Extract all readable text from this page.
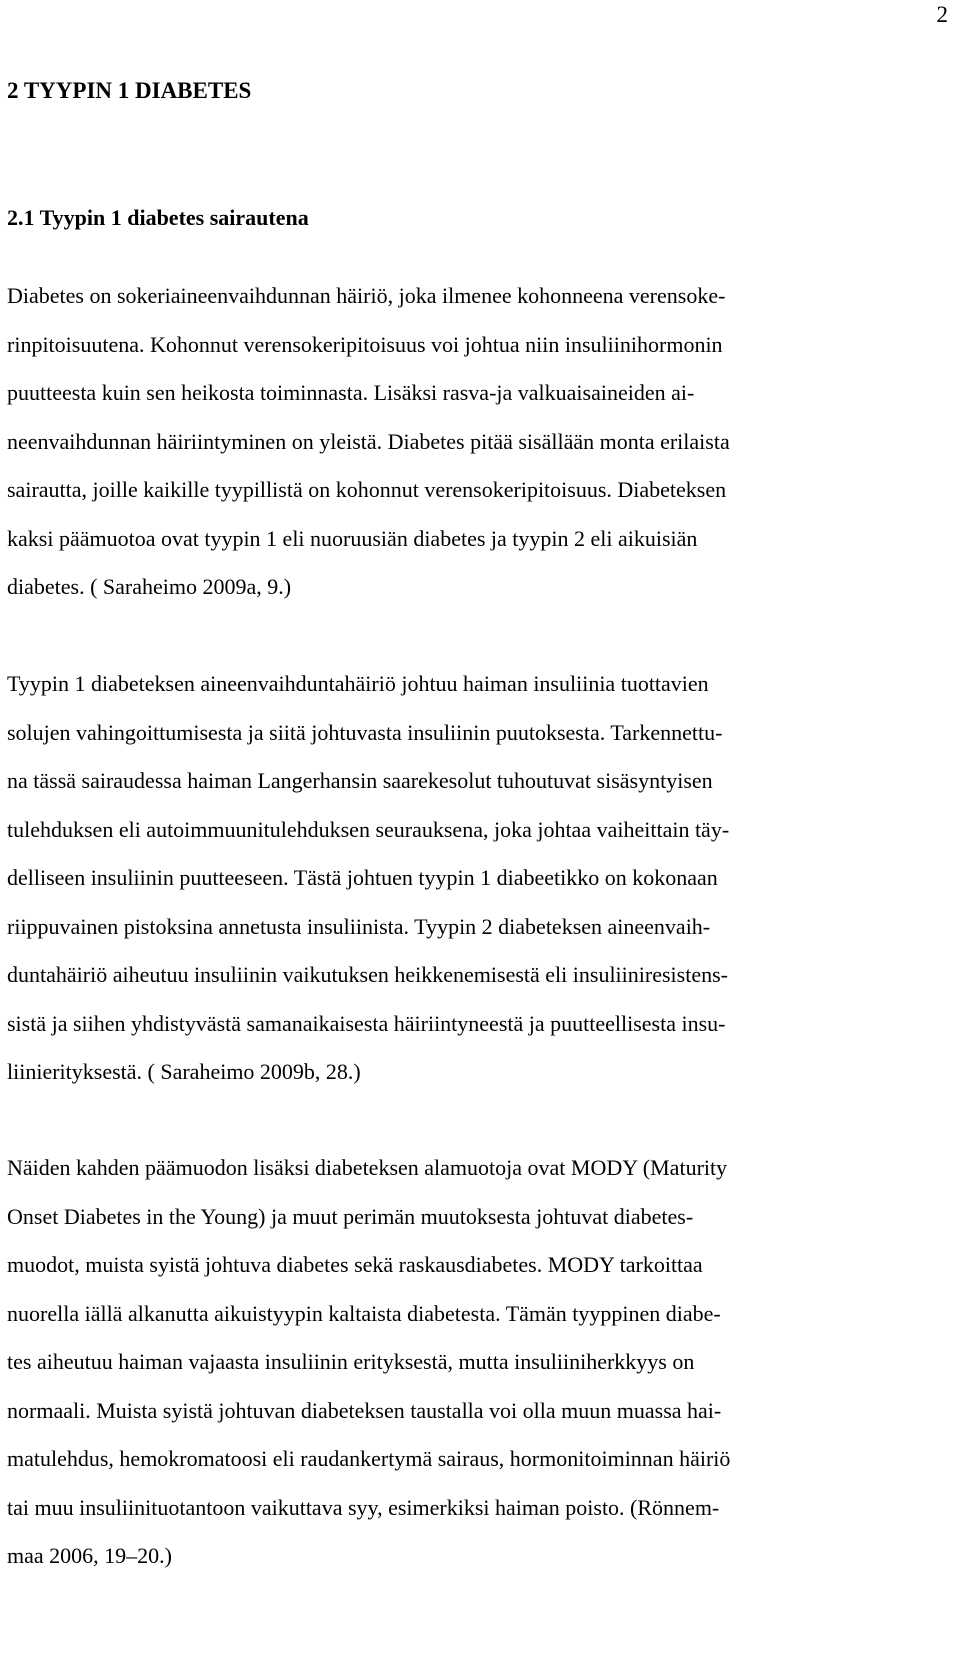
2
2 TYYPIN 1 DIABETES
2.1 Tyypin 1 diabetes sairautena
Diabetes on sokeriaineenvaihdunnan häiriö, joka ilmenee kohonneena verensoke-
rinpitoisuutena. Kohonnut verensokeripitoisuus voi johtua niin insuliinihormonin
puutteesta kuin sen heikosta toiminnasta. Lisäksi rasva-ja valkuaisaineiden ai-
neenvaihdunnan häiriintyminen on yleistä. Diabetes pitää sisällään monta erilaista
sairautta, joille kaikille tyypillistä on kohonnut verensokeripitoisuus. Diabeteksen
kaksi päämuotoa ovat tyypin 1 eli nuoruusiän diabetes ja tyypin 2 eli aikuisiän
diabetes. ( Saraheimo 2009a, 9.)
Tyypin 1 diabeteksen aineenvaihduntahäiriö johtuu haiman insuliinia tuottavien
solujen vahingoittumisesta ja siitä johtuvasta insuliinin puutoksesta. Tarkennettu-
na tässä sairaudessa haiman Langerhansin saarekesolut tuhoutuvat sisäsyntyisen
tulehduksen eli autoimmuunitulehduksen seurauksena, joka johtaa vaiheittain täy-
delliseen insuliinin puutteeseen. Tästä johtuen tyypin 1 diabeetikko on kokonaan
riippuvainen pistoksina annetusta insuliinista. Tyypin 2 diabeteksen aineenvaih-
duntahäiriö aiheutuu insuliinin vaikutuksen heikkenemisestä eli insuliiniresistens-
sistä ja siihen yhdistyvästä samanaikaisesta häiriintyneestä ja puutteellisesta insu-
liinierityksestä. ( Saraheimo 2009b, 28.)
Näiden kahden päämuodon lisäksi diabeteksen alamuotoja ovat MODY (Maturity
Onset Diabetes in the Young) ja muut perimän muutoksesta johtuvat diabetes-
muodot, muista syistä johtuva diabetes sekä raskausdiabetes. MODY tarkoittaa
nuorella iällä alkanutta aikuistyypin kaltaista diabetesta. Tämän tyyppinen diabe-
tes aiheutuu haiman vajaasta insuliinin erityksestä, mutta insuliiniherkkyys on
normaali. Muista syistä johtuvan diabeteksen taustalla voi olla muun muassa hai-
matulehdus, hemokromatoosi eli raudankertymä sairaus, hormonitoiminnan häiriö
tai muu insuliinituotantoon vaikuttava syy, esimerkiksi haiman poisto. (Rönnem-
maa 2006, 19–20.)
